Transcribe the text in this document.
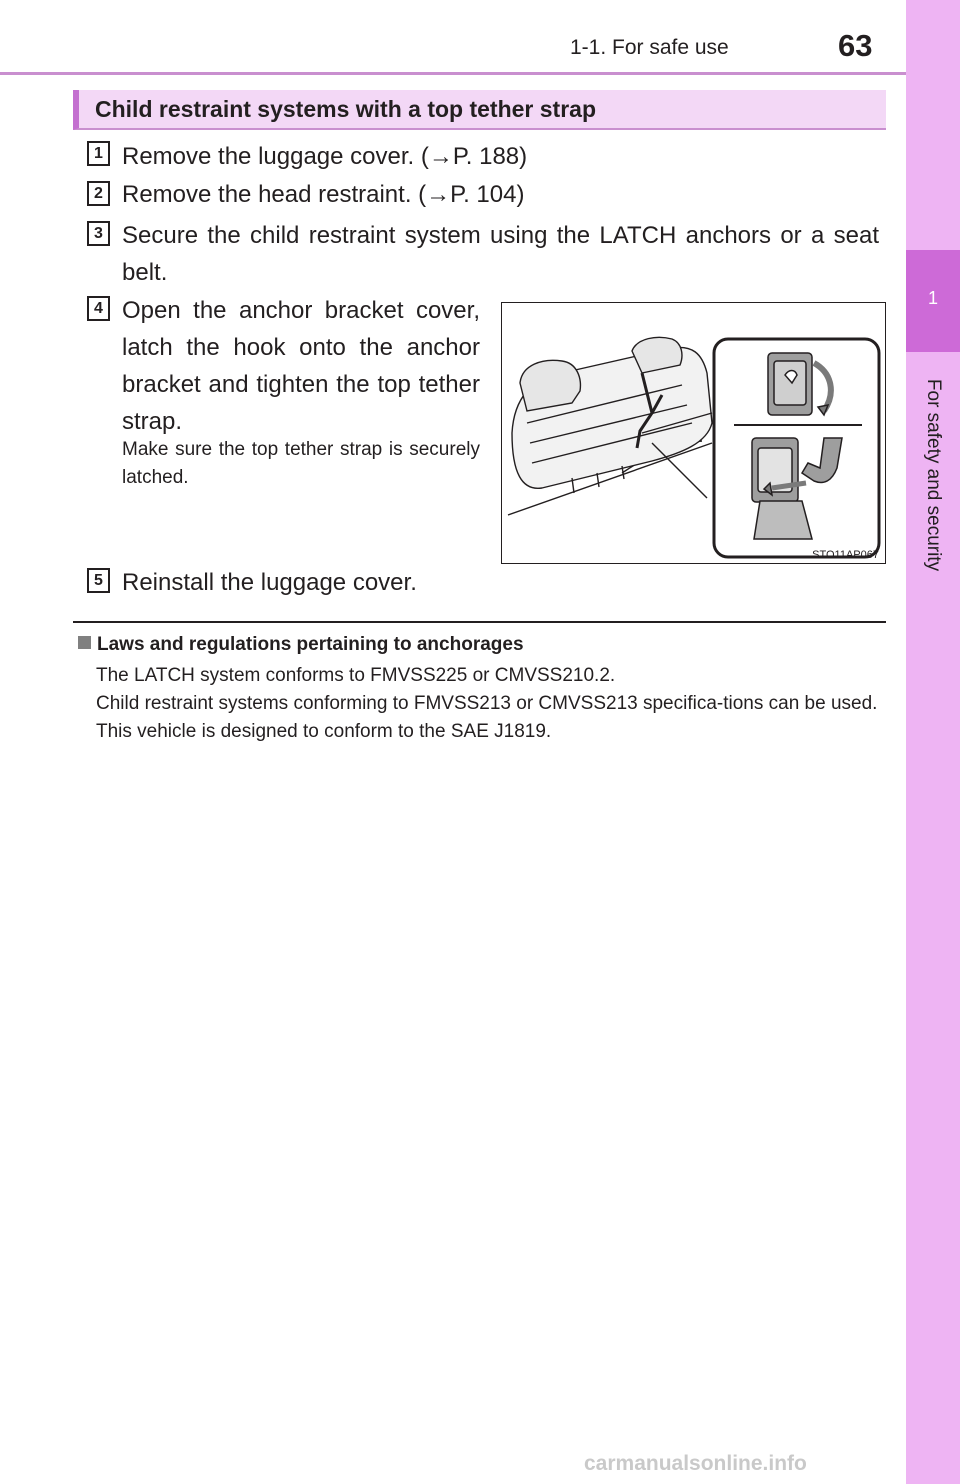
1-1. For safe use	63
1
For safety and security
Child restraint systems with a top tether strap
1 Remove the luggage cover. (→P. 188)
2 Remove the head restraint. (→P. 104)
3 Secure the child restraint system using the LATCH anchors or a seat belt.
4 Open the anchor bracket cover, latch the hook onto the anchor bracket and tighten the top tether strap.
Make sure the top tether strap is securely latched.
STO11AP067
5 Reinstall the luggage cover.
Laws and regulations pertaining to anchorages

The LATCH system conforms to FMVSS225 or CMVSS210.2.

Child restraint systems conforming to FMVSS213 or CMVSS213 specifica-tions can be used.

This vehicle is designed to conform to the SAE J1819.

carmanualsonline.info
